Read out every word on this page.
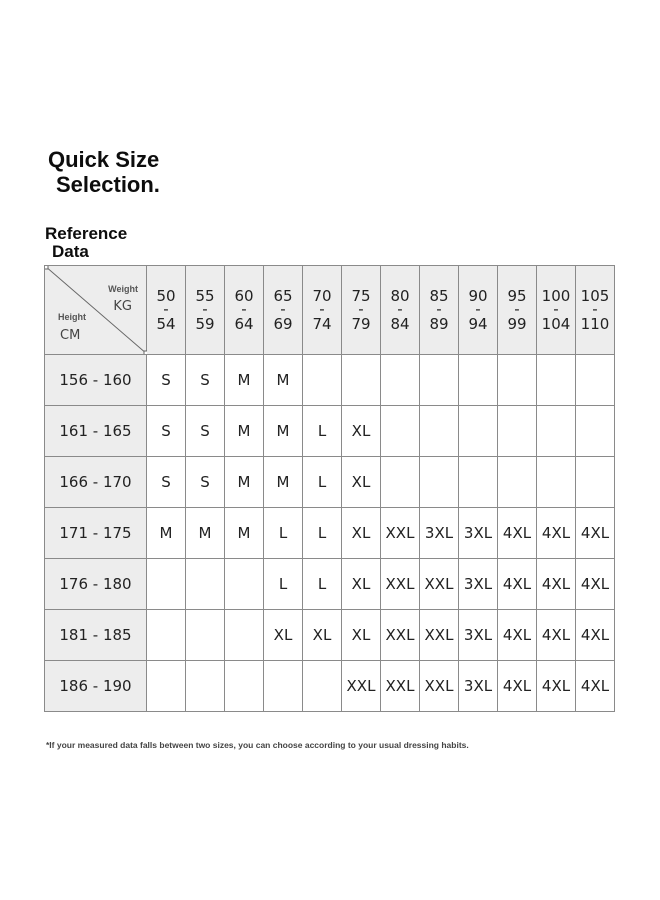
Quick Size
Selection.
Reference
Data
Weight
KG
Height
CM	50
-
54	55
-
59	60
-
64	65
-
69	70
-
74	75
-
79	80
-
84	85
-
89	90
-
94	95
-
99	100
-
104	105
-
110

156 - 160	S	S	M	M								
161 - 165	S	S	M	M	L	XL						
166 - 170	S	S	M	M	L	XL						
171 - 175	M	M	M	L	L	XL	XXL	3XL	3XL	4XL	4XL	4XL
176 - 180				L	L	XL	XXL	XXL	3XL	4XL	4XL	4XL
181 - 185				XL	XL	XL	XXL	XXL	3XL	4XL	4XL	4XL
186 - 190						XXL	XXL	XXL	3XL	4XL	4XL	4XL
*If your measured data falls between two sizes, you can choose according to your usual dressing habits.
